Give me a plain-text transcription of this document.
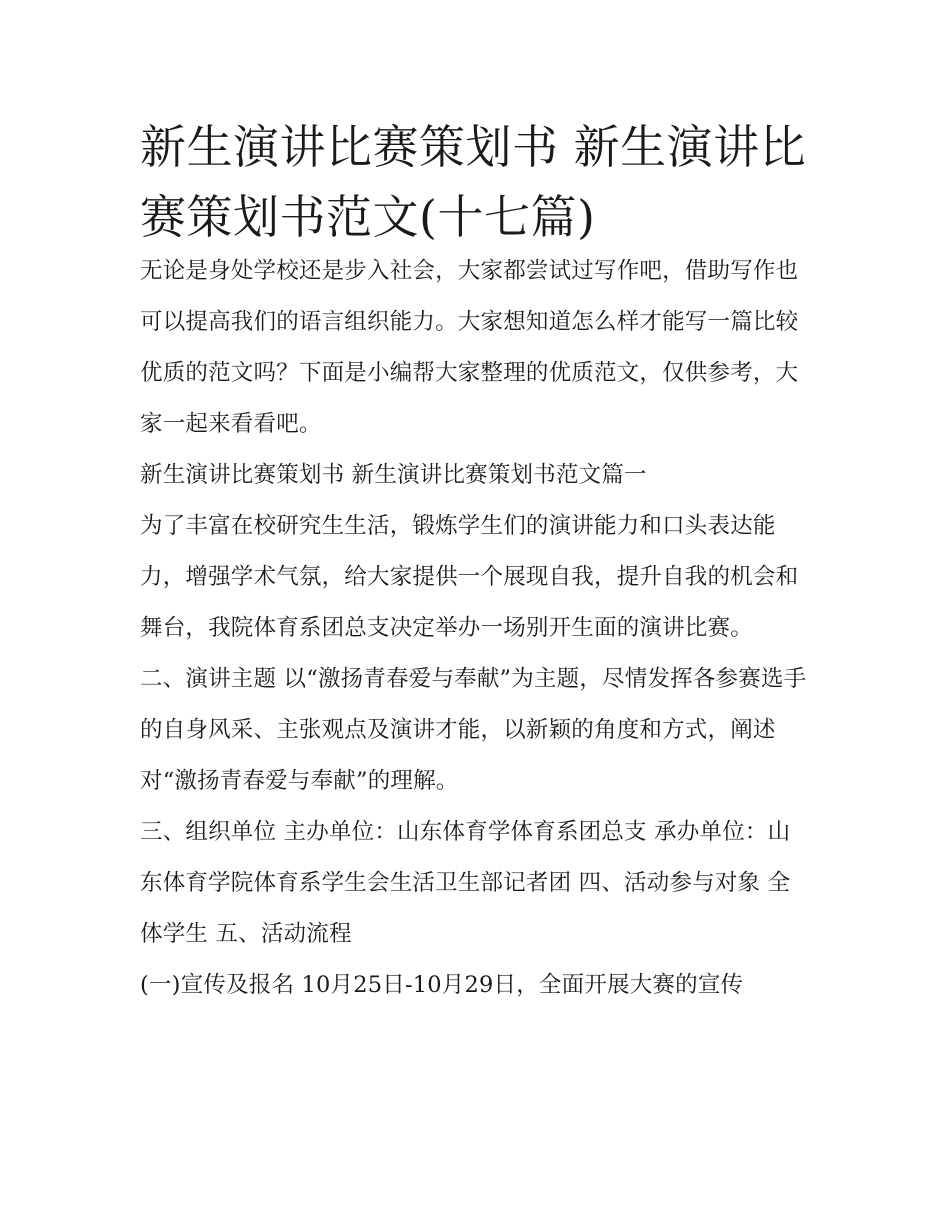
新生演讲比赛策划书 新生演讲比赛策划书范文(十七篇)

无论是身处学校还是步入社会，大家都尝试过写作吧，借助写作也可以提高我们的语言组织能力。大家想知道怎么样才能写一篇比较优质的范文吗？下面是小编帮大家整理的优质范文，仅供参考，大家一起来看看吧。

新生演讲比赛策划书 新生演讲比赛策划书范文篇一

为了丰富在校研究生生活，锻炼学生们的演讲能力和口头表达能力，增强学术气氛，给大家提供一个展现自我，提升自我的机会和舞台，我院体育系团总支决定举办一场别开生面的演讲比赛。

二、演讲主题 以“激扬青春爱与奉献”为主题，尽情发挥各参赛选手的自身风采、主张观点及演讲才能，以新颖的角度和方式，阐述对“激扬青春爱与奉献”的理解。

三、组织单位 主办单位：山东体育学体育系团总支 承办单位：山东体育学院体育系学生会生活卫生部记者团 四、活动参与对象 全体学生 五、活动流程

(一)宣传及报名 10月25日-10月29日，全面开展大赛的宣传
